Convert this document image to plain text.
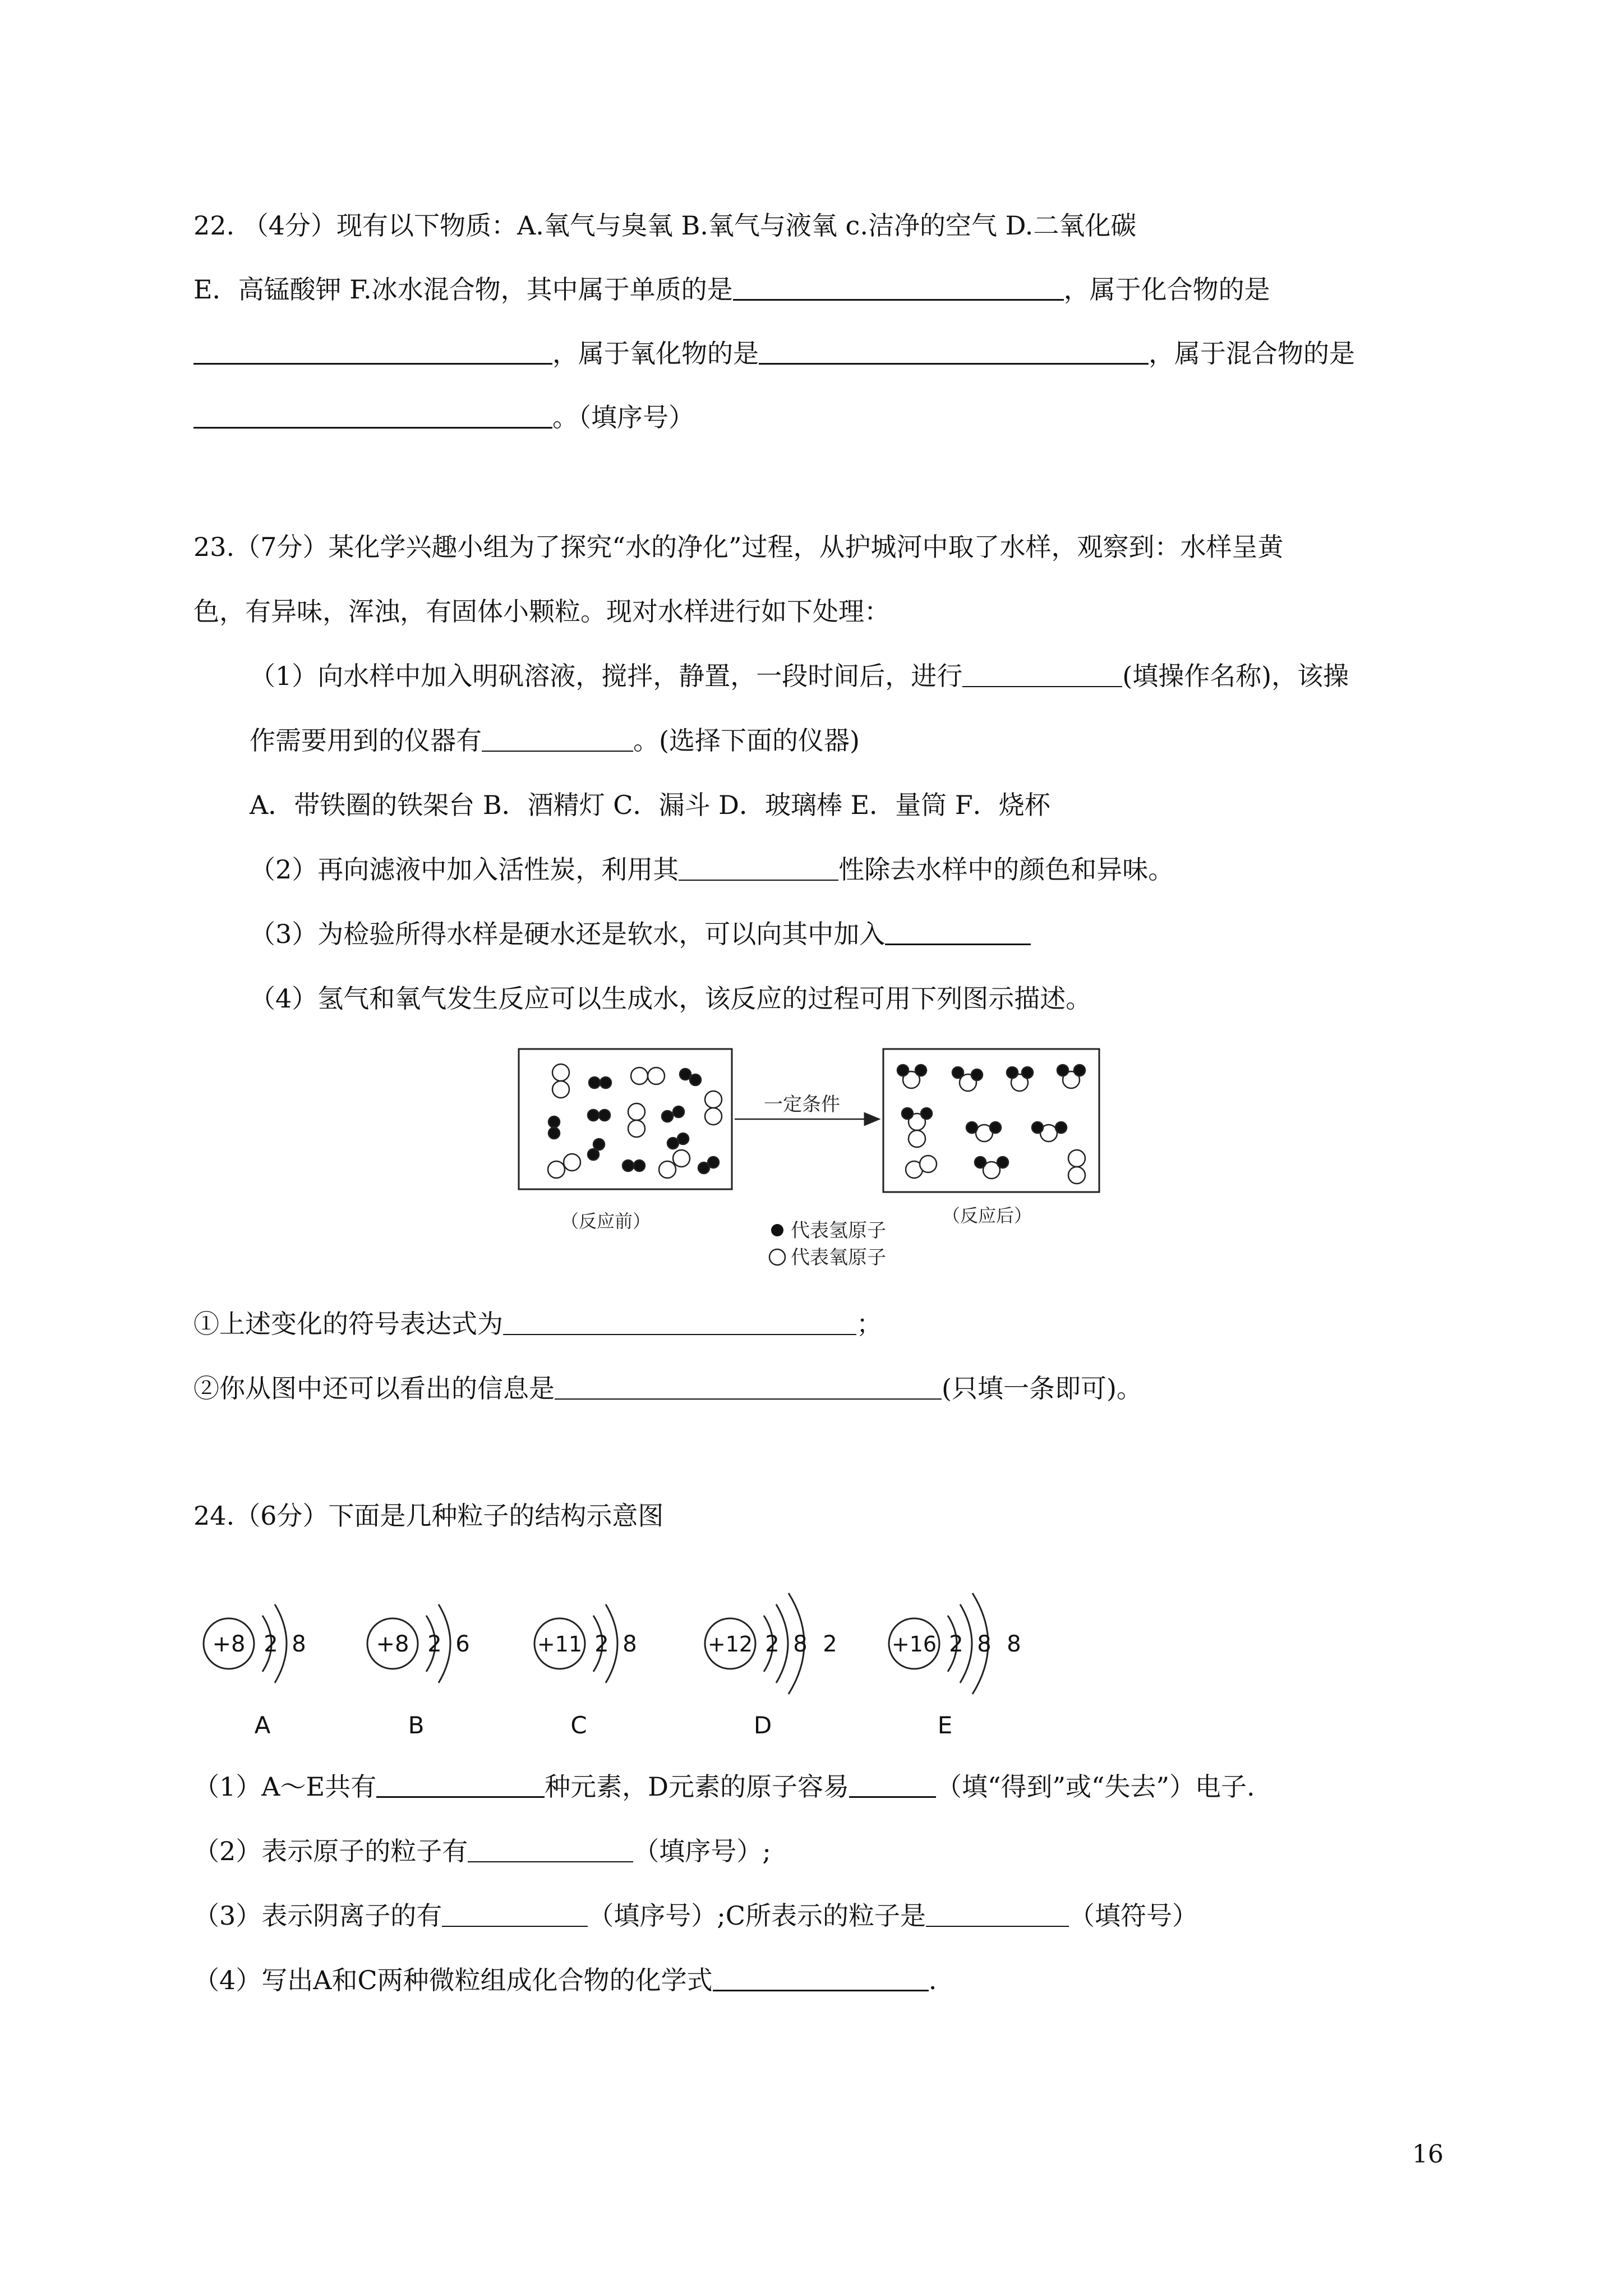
22. （4分）现有以下物质：A.氧气与臭氧 B.氧气与液氧 c.洁净的空气 D.二氧化碳
E．高锰酸钾 F.冰水混合物，其中属于单质的是	，属于化合物的是
，属于氧化物的是	，属于混合物的是
。（填序号）
23.（7分）某化学兴趣小组为了探究“水的净化”过程，从护城河中取了水样，观察到：水样呈黄
色，有异味，浑浊，有固体小颗粒。现对水样进行如下处理：
（1）向水样中加入明矾溶液，搅拌，静置，一段时间后，进行	(填操作名称)，该操
作需要用到的仪器有	。(选择下面的仪器)
A．带铁圈的铁架台 B．酒精灯 C．漏斗 D．玻璃棒 E．量筒 F．烧杯
（2）再向滤液中加入活性炭，利用其	性除去水样中的颜色和异味。
（3）为检验所得水样是硬水还是软水，可以向其中加入
（4）氢气和氧气发生反应可以生成水，该反应的过程可用下列图示描述。
一定条件
（反应前）	（反应后）
代表氢原子
代表氧原子
①上述变化的符号表达式为	；
②你从图中还可以看出的信息是	(只填一条即可)。
24.（6分）下面是几种粒子的结构示意图
+8 2 8
A
+8 2 6
B
+11 2 8
C
+12 2 8 2
D
+16 2 8 8
E
（1）A～E共有	种元素，D元素的原子容易	（填“得到”或“失去”）电子.
（2）表示原子的粒子有	（填序号）;
（3）表示阴离子的有	（填序号）;C所表示的粒子是	（填符号）
（4）写出A和C两种微粒组成化合物的化学式	.
16
